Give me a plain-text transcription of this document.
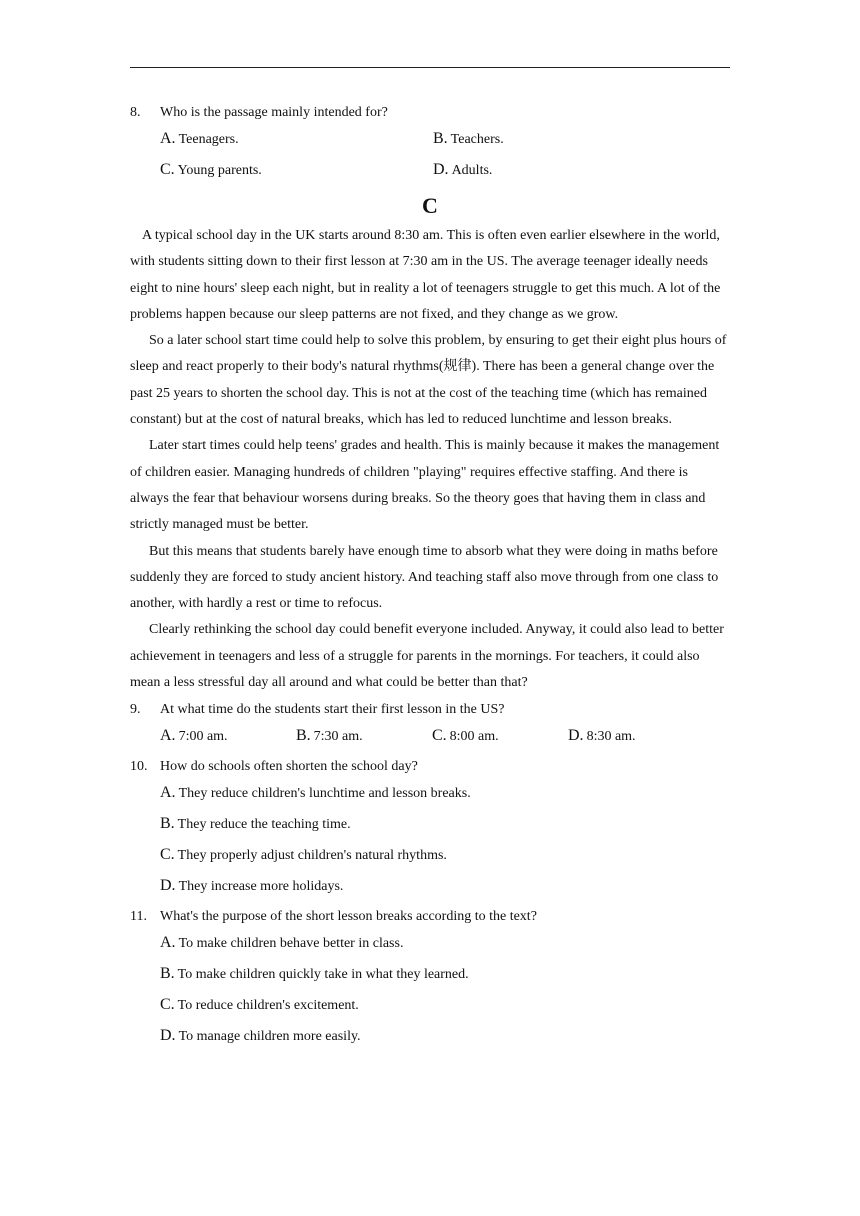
8.	Who is the passage mainly intended for?
A. Teenagers.	B. Teachers.
C. Young parents.	D. Adults.
C

A typical school day in the UK starts around 8:30 am. This is often even earlier elsewhere in the world, with students sitting down to their first lesson at 7:30 am in the US. The average teenager ideally needs eight to nine hours' sleep each night, but in reality a lot of teenagers struggle to get this much. A lot of the problems happen because our sleep patterns are not fixed, and they change as we grow.

So a later school start time could help to solve this problem, by ensuring to get their eight plus hours of sleep and react properly to their body's natural rhythms(规律). There has been a general change over the past 25 years to shorten the school day. This is not at the cost of the teaching time (which has remained constant) but at the cost of natural breaks, which has led to reduced lunchtime and lesson breaks.

Later start times could help teens' grades and health. This is mainly because it makes the management of children easier. Managing hundreds of children "playing" requires effective staffing. And there is always the fear that behaviour worsens during breaks. So the theory goes that having them in class and strictly managed must be better.

But this means that students barely have enough time to absorb what they were doing in maths before suddenly they are forced to study ancient history. And teaching staff also move through from one class to another, with hardly a rest or time to refocus.

Clearly rethinking the school day could benefit everyone included. Anyway, it could also lead to better achievement in teenagers and less of a struggle for parents in the mornings. For teachers, it could also mean a less stressful day all around and what could be better than that?

9.	At what time do the students start their first lesson in the US?
A. 7:00 am.	B. 7:30 am.	C. 8:00 am.	D. 8:30 am.
10. How do schools often shorten the school day?
A. They reduce children's lunchtime and lesson breaks.
B. They reduce the teaching time.
C. They properly adjust children's natural rhythms.
D. They increase more holidays.
11. What's the purpose of the short lesson breaks according to the text?
A. To make children behave better in class.
B. To make children quickly take in what they learned.
C. To reduce children's excitement.
D. To manage children more easily.
